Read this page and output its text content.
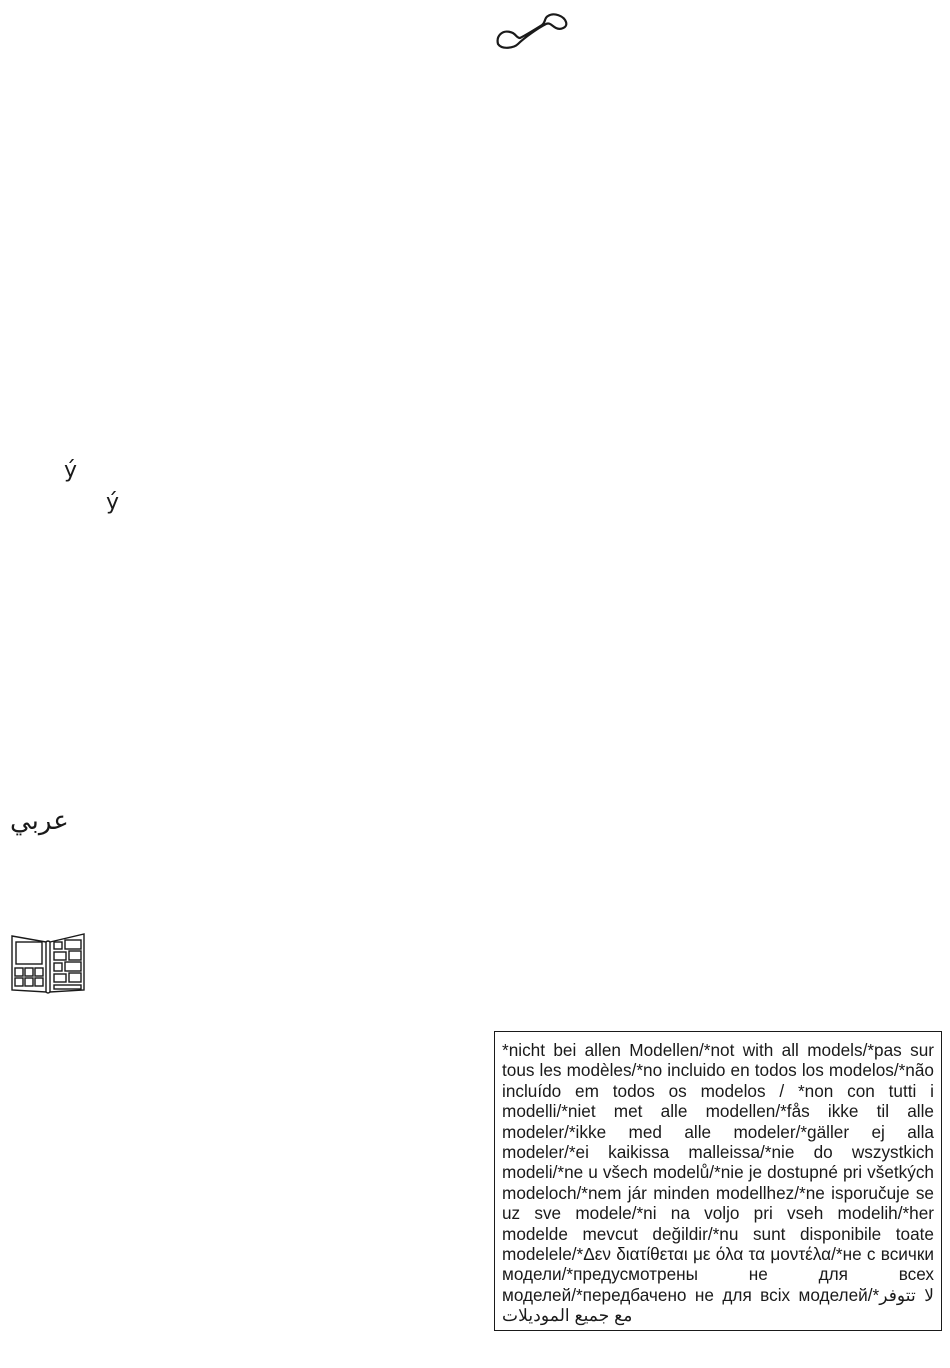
ý
ý
عربي

*nicht bei allen Modellen/*not with all models/*pas sur tous les modèles/*no incluido en todos los modelos/*não incluído em todos os modelos / *non con tutti i modelli/*niet met alle modellen/*fås ikke til alle modeler/*ikke med alle modeler/*gäller ej alla modeler/*ei kaikissa malleissa/*nie do wszystkich modeli/*ne u všech modelů/*nie je dostupné pri všetkých modeloch/*nem jár minden modellhez/*ne isporučuje se uz sve modele/*ni na voljo pri vseh modelih/*her modelde mevcut değildir/*nu sunt disponibile toate modelele/*Δεν διατίθεται με όλα τα μοντέλα/*не с всички модели/*предусмотрены не для всех моделей/*передбачено не для всіх моделей/*لا تتوفر مع جميع الموديلات
